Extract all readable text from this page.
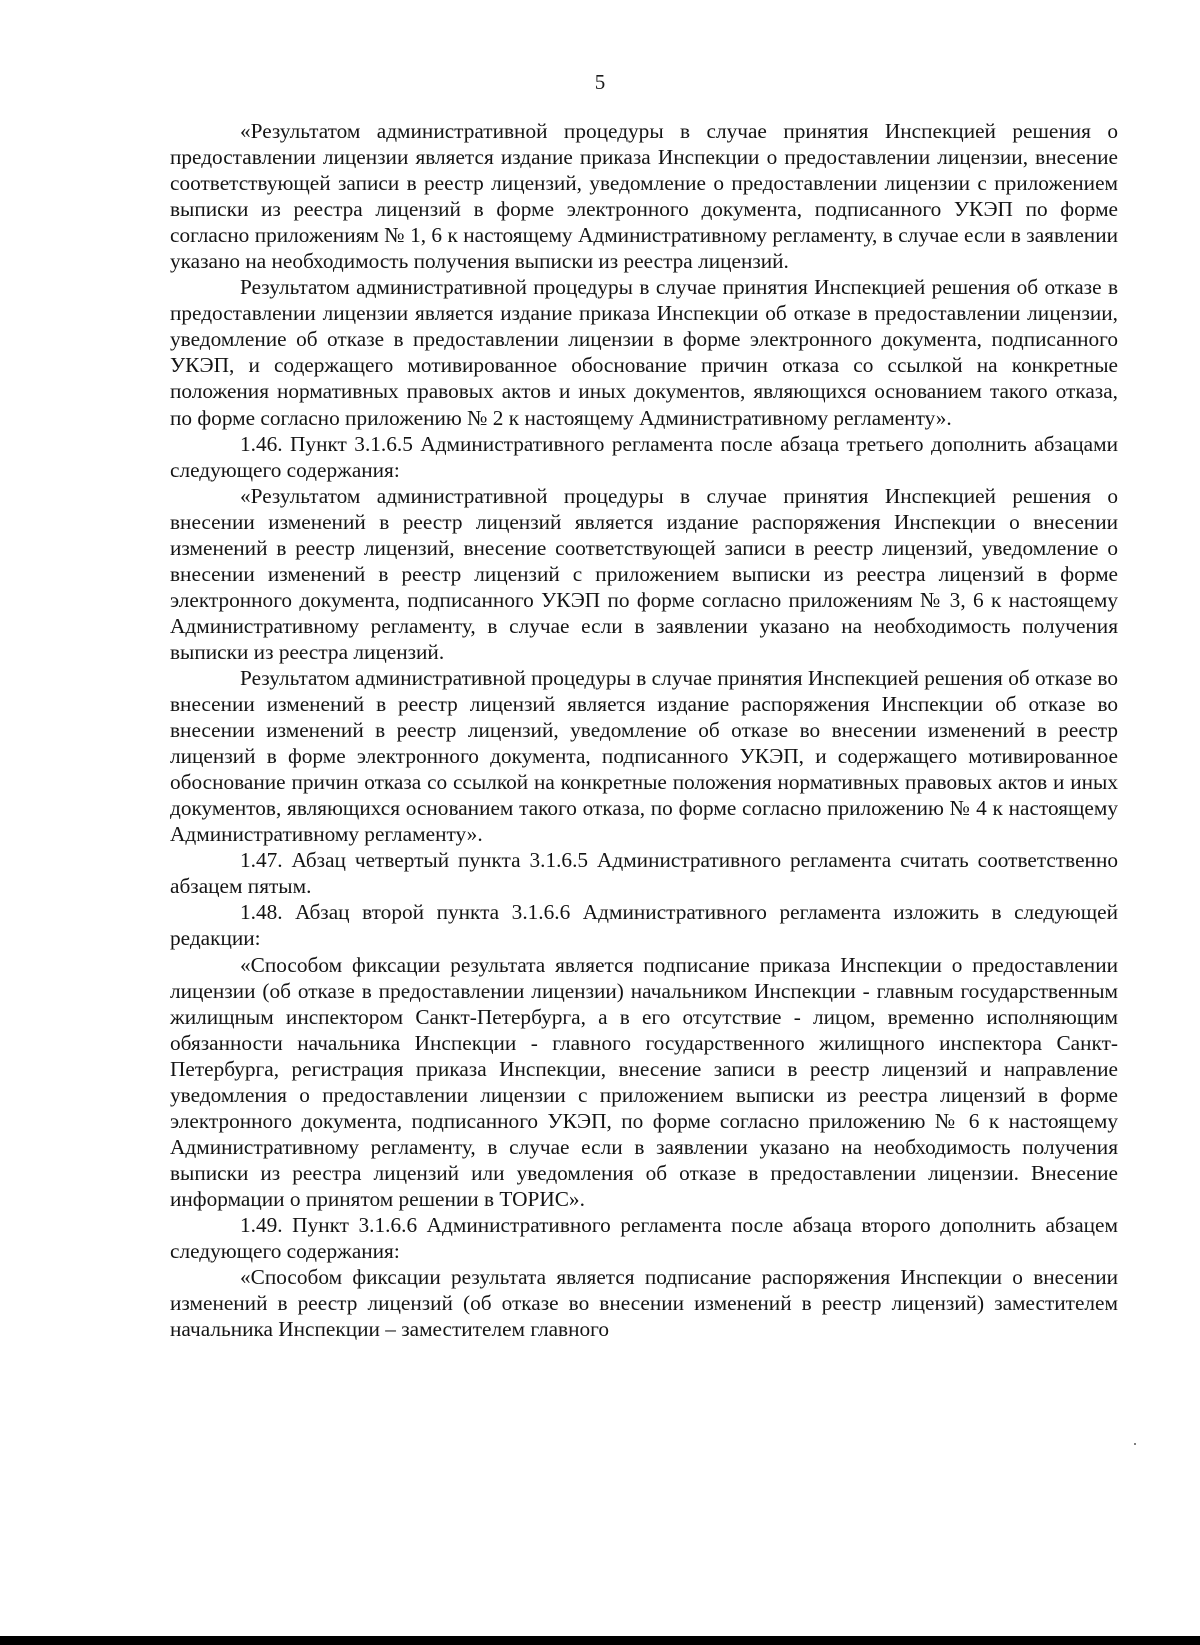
5

«Результатом административной процедуры в случае принятия Инспекцией решения о предоставлении лицензии является издание приказа Инспекции о предоставлении лицензии, внесение соответствующей записи в реестр лицензий, уведомление о предоставлении лицензии с приложением выписки из реестра лицензий в форме электронного документа, подписанного УКЭП по форме согласно приложениям № 1, 6 к настоящему Административному регламенту, в случае если в заявлении указано на необходимость получения выписки из реестра лицензий.

Результатом административной процедуры в случае принятия Инспекцией решения об отказе в предоставлении лицензии является издание приказа Инспекции об отказе в предоставлении лицензии, уведомление об отказе в предоставлении лицензии в форме электронного документа, подписанного УКЭП, и содержащего мотивированное обоснование причин отказа со ссылкой на конкретные положения нормативных правовых актов и иных документов, являющихся основанием такого отказа, по форме согласно приложению № 2 к настоящему Административному регламенту».

1.46. Пункт 3.1.6.5 Административного регламента после абзаца третьего дополнить абзацами следующего содержания:

«Результатом административной процедуры в случае принятия Инспекцией решения о внесении изменений в реестр лицензий является издание распоряжения Инспекции о внесении изменений в реестр лицензий, внесение соответствующей записи в реестр лицензий, уведомление о внесении изменений в реестр лицензий с приложением выписки из реестра лицензий в форме электронного документа, подписанного УКЭП по форме согласно приложениям № 3, 6 к настоящему Административному регламенту, в случае если в заявлении указано на необходимость получения выписки из реестра лицензий.

Результатом административной процедуры в случае принятия Инспекцией решения об отказе во внесении изменений в реестр лицензий является издание распоряжения Инспекции об отказе во внесении изменений в реестр лицензий, уведомление об отказе во внесении изменений в реестр лицензий в форме электронного документа, подписанного УКЭП, и содержащего мотивированное обоснование причин отказа со ссылкой на конкретные положения нормативных правовых актов и иных документов, являющихся основанием такого отказа, по форме согласно приложению № 4 к настоящему Административному регламенту».

1.47. Абзац четвертый пункта 3.1.6.5 Административного регламента считать соответственно абзацем пятым.

1.48. Абзац второй пункта 3.1.6.6 Административного регламента изложить в следующей редакции:

«Способом фиксации результата является подписание приказа Инспекции о предоставлении лицензии (об отказе в предоставлении лицензии) начальником Инспекции - главным государственным жилищным инспектором Санкт-Петербурга, а в его отсутствие - лицом, временно исполняющим обязанности начальника Инспекции - главного государственного жилищного инспектора Санкт-Петербурга, регистрация приказа Инспекции, внесение записи в реестр лицензий и направление уведомления о предоставлении лицензии с приложением выписки из реестра лицензий в форме электронного документа, подписанного УКЭП, по форме согласно приложению № 6 к настоящему Административному регламенту, в случае если в заявлении указано на необходимость получения выписки из реестра лицензий или уведомления об отказе в предоставлении лицензии. Внесение информации о принятом решении в ТОРИС».

1.49. Пункт 3.1.6.6 Административного регламента после абзаца второго дополнить абзацем следующего содержания:

«Способом фиксации результата является подписание распоряжения Инспекции о внесении изменений в реестр лицензий (об отказе во внесении изменений в реестр лицензий) заместителем начальника Инспекции – заместителем главного
